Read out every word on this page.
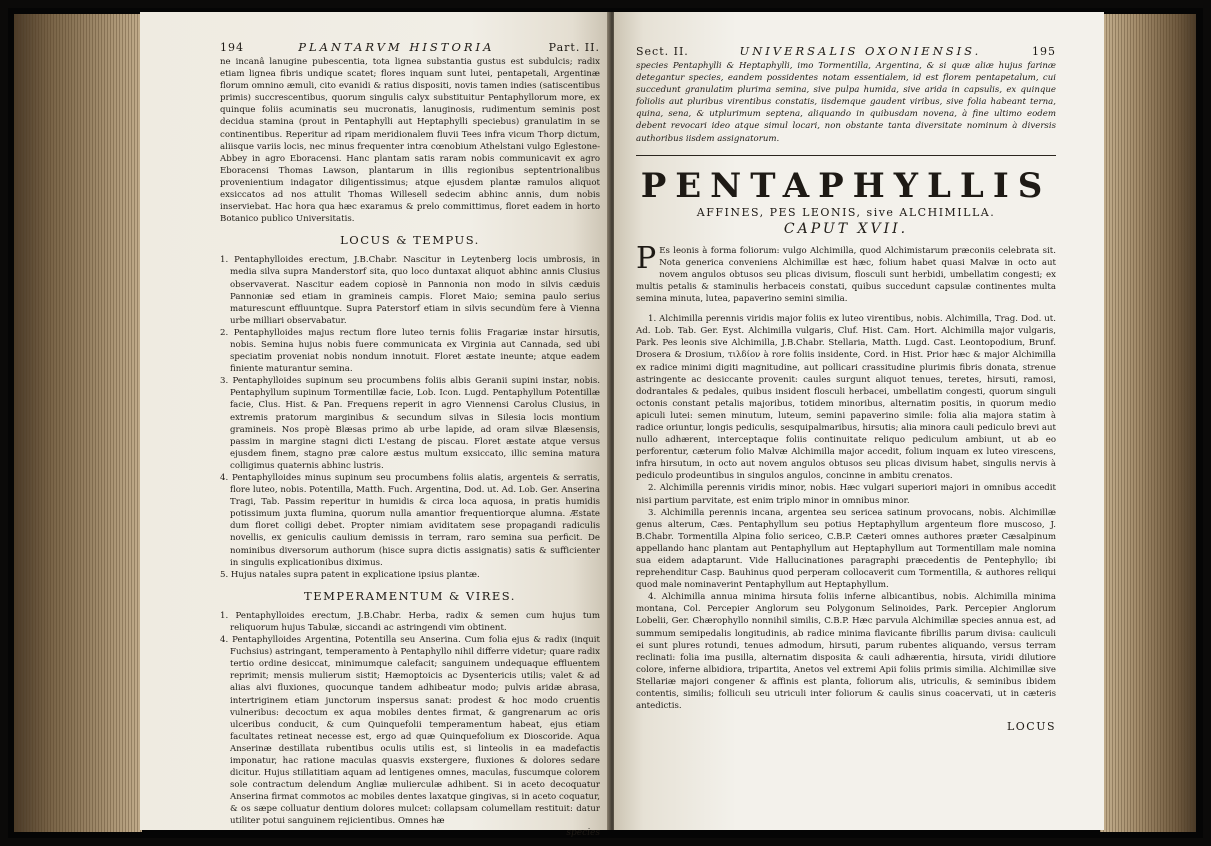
194	PLANTARVM HISTORIA	Part. II.

ne incanâ lanugine pubescentia, tota lignea substantia gustus est subdulcis; radix etiam lignea fibris undique scatet; flores inquam sunt lutei, pentapetali, Argentinæ florum omnino æmuli, cito evanidi & ratius dispositi, novis tamen indies (satiscentibus primis) succrescentibus, quorum singulis calyx substituitur Pentaphyllorum more, ex quinque foliis acuminatis seu mucronatis, lanuginosis, rudimentum seminis post decidua stamina (prout in Pentaphylli aut Heptaphylli speciebus) granulatim in se continentibus. Reperitur ad ripam meridionalem fluvii Tees infra vicum Thorp dictum, aliisque variis locis, nec minus frequenter intra cœnobium Athelstani vulgo Eglestone-Abbey in agro Eboracensi. Hanc plantam satis raram nobis communicavit ex agro Eboracensi Thomas Lawson, plantarum in illis regionibus septentrionalibus provenientium indagator diligentissimus; atque ejusdem plantæ ramulos aliquot exsiccatos ad nos attulit Thomas Willesell sedecim abhinc annis, dum nobis inserviebat. Hac hora qua hæc exaramus & prelo committimus, floret eadem in horto Botanico publico Universitatis.

LOCUS & TEMPUS.

1. Pentaphylloides erectum, J.B.Chabr. Nascitur in Leytenberg locis umbrosis, in media silva supra Manderstorf sita, quo loco duntaxat aliquot abhinc annis Clusius observaverat. Nascitur eadem copiosè in Pannonia non modo in silvis cæduis Pannoniæ sed etiam in gramineis campis. Floret Maio; semina paulo serius maturescunt effluuntque. Supra Paterstorf etiam in silvis secundùm fere à Vienna urbe milliari observabatur.

2. Pentaphylloides majus rectum flore luteo ternis foliis Fragariæ instar hirsutis, nobis. Semina hujus nobis fuere communicata ex Virginia aut Cannada, sed ubi speciatim proveniat nobis nondum innotuit. Floret æstate ineunte; atque eadem finiente maturantur semina.

3. Pentaphylloides supinum seu procumbens foliis albis Geranii supini instar, nobis. Pentaphyllum supinum Tormentillæ facie, Lob. Icon. Lugd. Pentaphyllum Potentillæ facie, Clus. Hist. & Pan. Frequens reperit in agro Viennensi Carolus Clusius, in extremis pratorum marginibus & secundum silvas in Silesia locis montium gramineis. Nos propè Blæsas primo ab urbe lapide, ad oram silvæ Blæsensis, passim in margine stagni dicti L'estang de piscau. Floret æstate atque versus ejusdem finem, stagno præ calore æstus multum exsiccato, illic semina matura colligimus quaternis abhinc lustris.

4. Pentaphylloides minus supinum seu procumbens foliis alatis, argenteis & serratis, flore luteo, nobis. Potentilla, Matth. Fuch. Argentina, Dod. ut. Ad. Lob. Ger. Anserina Tragi, Tab. Passim reperitur in humidis & circa loca aquosa, in pratis humidis potissimum juxta flumina, quorum nulla amantior frequentiorque alumna. Æstate dum floret colligi debet. Propter nimiam aviditatem sese propagandi radiculis novellis, ex geniculis caulium demissis in terram, raro semina sua perficit. De nominibus diversorum authorum (hisce supra dictis assignatis) satis & sufficienter in singulis explicationibus diximus.

5. Hujus natales supra patent in explicatione ipsius plantæ.

TEMPERAMENTUM & VIRES.

1. Pentaphylloides erectum, J.B.Chabr. Herba, radix & semen cum hujus tum reliquorum hujus Tabulæ, siccandi ac astringendi vim obtinent.

4. Pentaphylloides Argentina, Potentilla seu Anserina. Cum folia ejus & radix (inquit Fuchsius) astringant, temperamento à Pentaphyllo nihil differre videtur; quare radix tertio ordine desiccat, minimumque calefacit; sanguinem undequaque effluentem reprimit; mensis mulierum sistit; Hæmoptoicis ac Dysentericis utilis; valet & ad alias alvi fluxiones, quocunque tandem adhibeatur modo; pulvis aridæ abrasa, intertriginem etiam junctorum inspersus sanat: prodest & hoc modo cruentis vulneribus: decoctum ex aqua mobiles dentes firmat, & gangrenarum ac oris ulceribus conducit, & cum Quinquefolii temperamentum habeat, ejus etiam facultates retineat necesse est, ergo ad quæ Quinquefolium ex Dioscoride. Aqua Anserinæ destillata rubentibus oculis utilis est, si linteolis in ea madefactis imponatur, hac ratione maculas quasvis exstergere, fluxiones & dolores sedare dicitur. Hujus stillatitiam aquam ad lentigenes omnes, maculas, fuscumque colorem sole contractum delendum Angliæ mulierculæ adhibent. Si in aceto decoquatur Anserina firmat commotos ac mobiles dentes laxatque gingivas, si in aceto coquatur, & os sæpe colluatur dentium dolores mulcet: collapsam columellam restituit: datur utiliter potui sanguinem rejicientibus. Omnes hæ

species
Sect. II.	UNIVERSALIS OXONIENSIS.	195

species Pentaphylli & Heptaphylli, imo Tormentilla, Argentina, & si quæ aliæ hujus farinæ detegantur species, eandem possidentes notam essentialem, id est florem pentapetalum, cui succedunt granulatim plurima semina, sive pulpa humida, sive arida in capsulis, ex quinque foliolis aut pluribus virentibus constatis, iisdemque gaudent viribus, sive folia habeant terna, quina, sena, & utplurimum septena, aliquando in quibusdam novena, à fine ultimo eodem debent revocari ideo atque simul locari, non obstante tanta diversitate nominum à diversis authoribus iisdem assignatorum.

PENTAPHYLLIS
AFFINES, PES LEONIS, sive ALCHIMILLA.
CAPUT XVII.

P Es leonis à forma foliorum: vulgo Alchimilla, quod Alchimistarum præconiis celebrata sit. Nota generica conveniens Alchimillæ est hæc, folium habet quasi Malvæ in octo aut novem angulos obtusos seu plicas divisum, flosculi sunt herbidi, umbellatim congesti; ex multis petalis & staminulis herbaceis constati, quibus succedunt capsulæ continentes multa semina minuta, lutea, papaverino semini similia.

1. Alchimilla perennis viridis major foliis ex luteo virentibus, nobis. Alchimilla, Trag. Dod. ut. Ad. Lob. Tab. Ger. Eyst. Alchimilla vulgaris, Cluf. Hist. Cam. Hort. Alchimilla major vulgaris, Park. Pes leonis sive Alchimilla, J.B.Chabr. Stellaria, Matth. Lugd. Cast. Leontopodium, Brunf. Drosera & Drosium, τιλδίον à rore foliis insidente, Cord. in Hist. Prior hæc & major Alchimilla ex radice minimi digiti magnitudine, aut pollicari crassitudine plurimis fibris donata, strenue astringente ac desiccante provenit: caules surgunt aliquot tenues, teretes, hirsuti, ramosi, dodrantales & pedales, quibus insident flosculi herbacei, umbellatim congesti, quorum singuli octonis constant petalis majoribus, totidem minoribus, alternatim positis, in quorum medio apiculi lutei: semen minutum, luteum, semini papaverino simile: folia alia majora statim à radice oriuntur, longis pediculis, sesquipalmaribus, hirsutis; alia minora cauli pediculo brevi aut nullo adhærent, interceptaque foliis continuitate reliquo pediculum ambiunt, ut ab eo perforentur, cæterum folio Malvæ Alchimilla major accedit, folium inquam ex luteo virescens, infra hirsutum, in octo aut novem angulos obtusos seu plicas divisum habet, singulis nervis à pediculo prodeuntibus in singulos angulos, concinne in ambitu crenatos.

2. Alchimilla perennis viridis minor, nobis. Hæc vulgari superiori majori in omnibus accedit nisi partium parvitate, est enim triplo minor in omnibus minor.

3. Alchimilla perennis incana, argentea seu sericea satinum provocans, nobis. Alchimillæ genus alterum, Cæs. Pentaphyllum seu potius Heptaphyllum argenteum flore muscoso, J. B.Chabr. Tormentilla Alpina folio sericeo, C.B.P. Cæteri omnes authores præter Cæsalpinum appellando hanc plantam aut Pentaphyllum aut Heptaphyllum aut Tormentillam male nomina sua eidem adaptarunt. Vide Hallucinationes paragraphi præcedentis de Pentephyllo; ibi reprehenditur Casp. Bauhinus quod perperam collocaverit cum Tormentilla, & authores reliqui quod male nominaverint Pentaphyllum aut Heptaphyllum.

4. Alchimilla annua minima hirsuta foliis inferne albicantibus, nobis. Alchimilla minima montana, Col. Percepier Anglorum seu Polygonum Selinoides, Park. Percepier Anglorum Lobelii, Ger. Chærophyllo nonnihil similis, C.B.P. Hæc parvula Alchimillæ species annua est, ad summum semipedalis longitudinis, ab radice minima flavicante fibrillis parum divisa: cauliculi ei sunt plures rotundi, tenues admodum, hirsuti, parum rubentes aliquando, versus terram reclinati: folia ima pusilla, alternatim disposita & cauli adhærentia, hirsuta, viridi dilutiore colore, inferne albidiora, tripartita, Anetos vel extremi Apii foliis primis similia. Alchimillæ sive Stellariæ majori congener & affinis est planta, foliorum alis, utriculis, & seminibus ibidem contentis, similis; folliculi seu utriculi inter foliorum & caulis sinus coacervati, ut in cæteris antedictis.

LOCUS
